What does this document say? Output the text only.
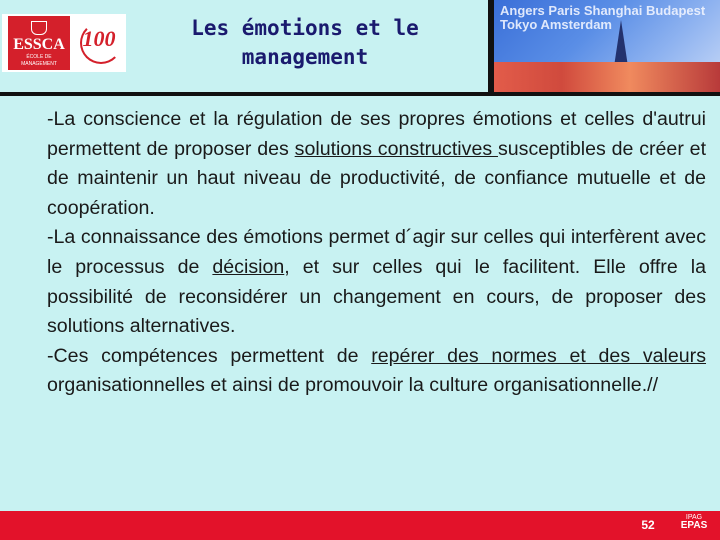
ESSCA
ÉCOLE DE MANAGEMENT
100	Les émotions et le
management
Angers Paris Shanghai Budapest Tokyo Amsterdam

-La conscience et la régulation de ses propres émotions et celles d'autrui permettent de proposer des solutions constructives susceptibles de créer et de maintenir un haut niveau de productivité, de confiance mutuelle et de coopération.

-La connaissance des émotions permet d´agir sur celles qui interfèrent avec le processus de décision, et sur celles qui le facilitent. Elle offre la possibilité de reconsidérer un changement en cours, de proposer des solutions alternatives.

-Ces compétences permettent de repérer des normes et des valeurs organisationnelles et ainsi de promouvoir la culture organisationnelle.//

52
IPAG
EPAS
